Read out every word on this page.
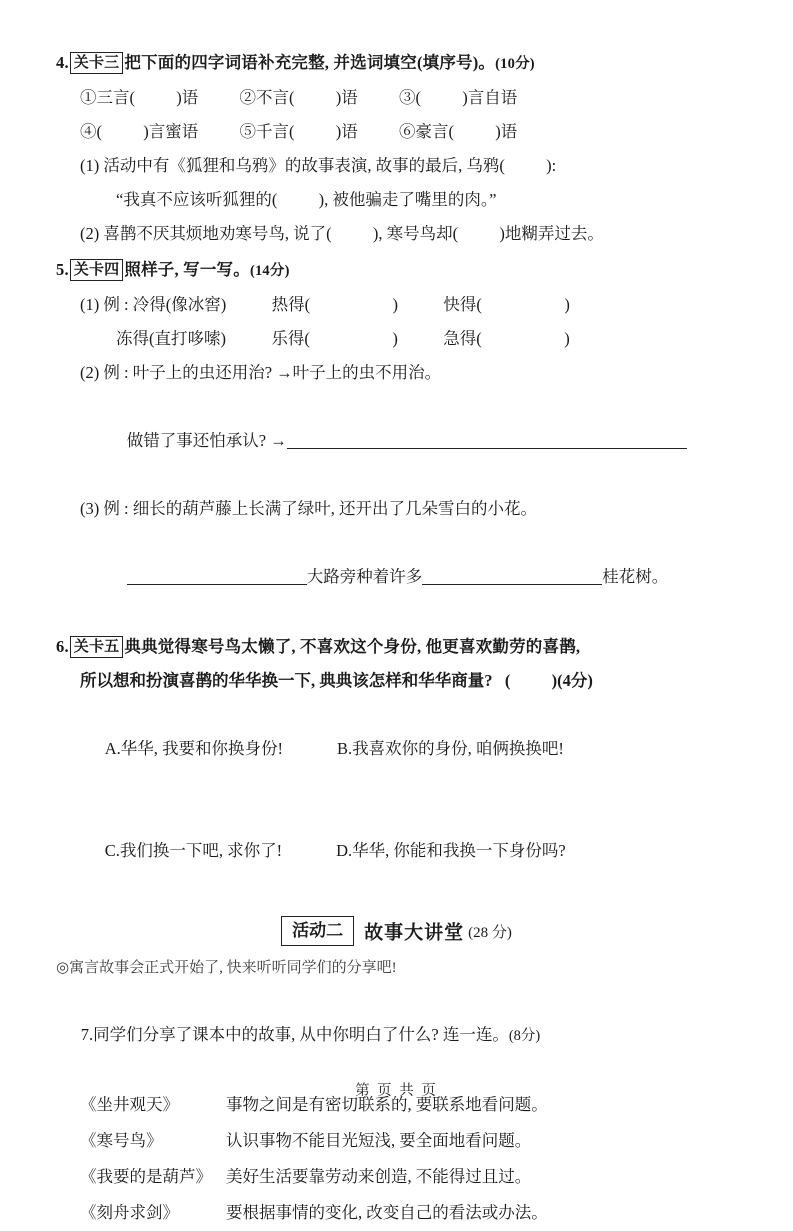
4. 关卡三 把下面的四字词语补充完整, 并选词填空(填序号)。(10分)
①三言(          )语          ②不言(          )语          ③(          )言自语
④(          )言蜜语          ⑤千言(          )语          ⑥豪言(          )语
(1) 活动中有《狐狸和乌鸦》的故事表演, 故事的最后, 乌鸦(          ):
“我真不应该听狐狸的(          ), 被他骗走了嘴里的肉。”
(2) 喜鹊不厌其烦地劝寒号鸟, 说了(          ), 寒号鸟却(          )地糊弄过去。
5. 关卡四 照样子, 写一写。(14分)
(1) 例 : 冷得(像冰窖)           热得(                    )           快得(                    )
冻得(直打哆嗦)           乐得(                    )           急得(                    )
(2) 例 : 叶子上的虫还用治? →叶子上的虫不用治。

做错了事还怕承认? →

(3) 例 : 细长的葫芦藤上长满了绿叶, 还开出了几朵雪白的小花。

大路旁种着许多	桂花树。

6. 关卡五 典典觉得寒号鸟太懒了, 不喜欢这个身份, 他更喜欢勤劳的喜鹊,
所以想和扮演喜鹊的华华换一下, 典典该怎样和华华商量?   (          )(4分)

A.华华, 我要和你换身份!	B.我喜欢你的身份, 咱俩换换吧!

C.我们换一下吧, 求你了!	D.华华, 你能和我换一下身份吗?

活动二 故事大讲堂 (28 分)
◎寓言故事会正式开始了, 快来听听同学们的分享吧!

7.同学们分享了课本中的故事, 从中你明白了什么? 连一连。(8分)

《坐井观天》	事物之间是有密切联系的, 要联系地看问题。
《寒号鸟》	认识事物不能目光短浅, 要全面地看问题。
《我要的是葫芦》 美好生活要靠劳动来创造, 不能得过且过。
《刻舟求剑》	要根据事情的变化, 改变自己的看法或办法。
第 页 共 页
